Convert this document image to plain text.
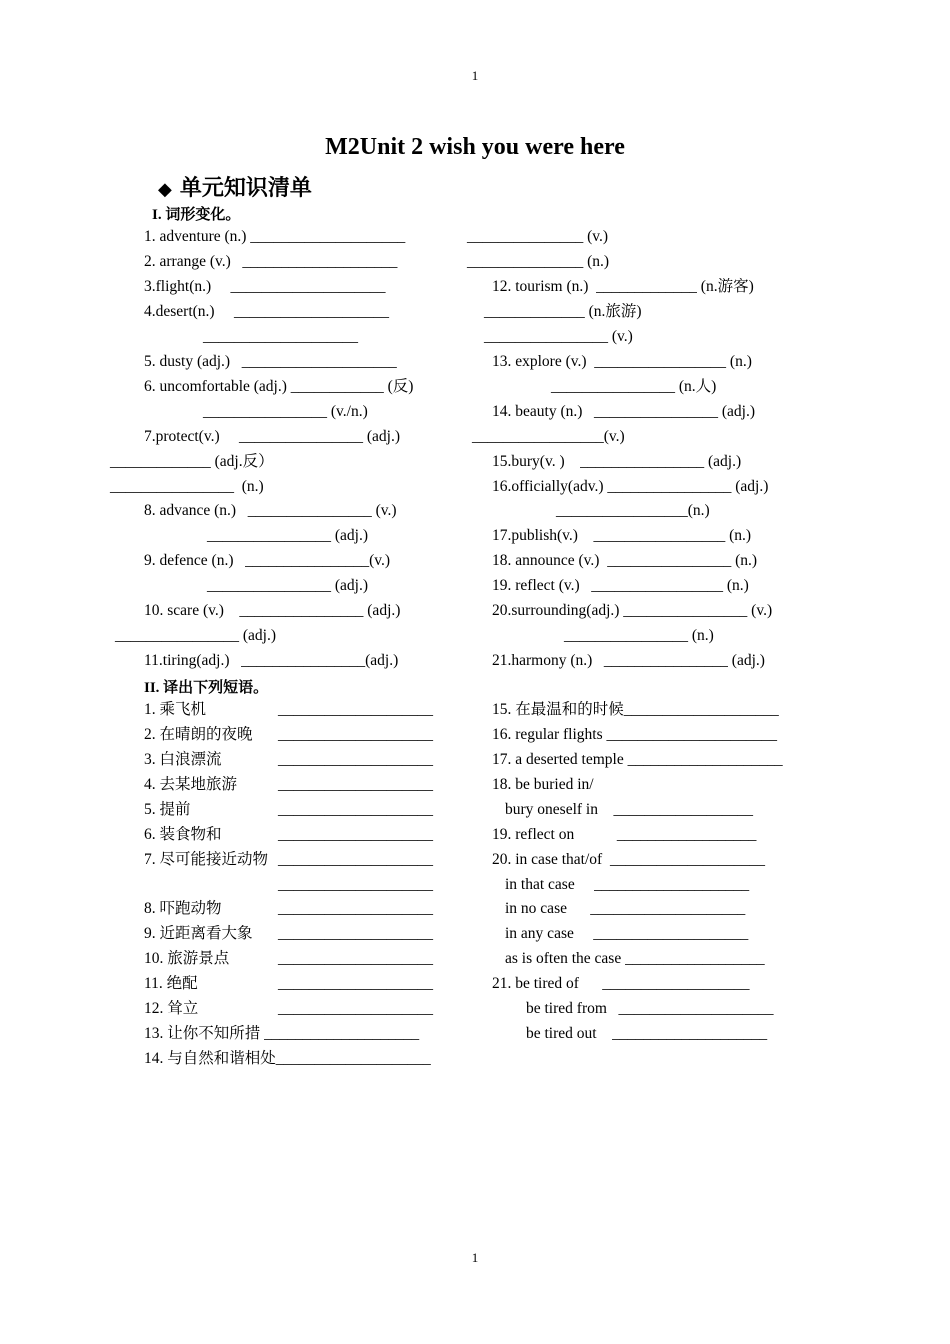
1
M2Unit 2 wish you were here
◆ 单元知识清单
I. 词形变化。
1. adventure (n.) ____________________
2. arrange (v.)   ____________________
3.flight(n.)     ____________________
4.desert(n.)     ____________________
____________________
5. dusty (adj.)   ____________________
6. uncomfortable (adj.) ____________ (反)
________________ (v./n.)
7.protect(v.)     ________________ (adj.)
_____________ (adj.反）
________________  (n.)
8. advance (n.)   ________________ (v.)
________________ (adj.)
9. defence (n.)   ________________(v.)
________________ (adj.)
10. scare (v.)    ________________ (adj.)
________________ (adj.)
11.tiring(adj.)   ________________(adj.)
_______________ (v.)
_______________ (n.)
12. tourism (n.)  _____________ (n.游客)
_____________ (n.旅游)
________________ (v.)
13. explore (v.)  _________________ (n.)
________________ (n.人)
14. beauty (n.)   ________________ (adj.)
_________________(v.)
15.bury(v. )    ________________ (adj.)
16.officially(adv.) ________________ (adj.)
_________________(n.)
17.publish(v.)    _________________ (n.)
18. announce (v.)  ________________ (n.)
19. reflect (v.)   _________________ (n.)
20.surrounding(adj.) ________________ (v.)
________________ (n.)
21.harmony (n.)   ________________ (adj.)
II. 译出下列短语。
1. 乘飞机
2. 在晴朗的夜晚
3. 白浪漂流
4. 去某地旅游
5. 提前
6. 装食物和
7. 尽可能接近动物
8. 吓跑动物
9. 近距离看大象
10. 旅游景点
11. 绝配
12. 耸立
13. 让你不知所措 ____________________
14. 与自然和谐相处____________________
____________________
____________________
____________________
____________________
____________________
____________________
____________________
____________________
____________________
____________________
____________________
____________________
____________________
15. 在最温和的时候____________________
16. regular flights ______________________
17. a deserted temple ____________________
18. be buried in/
bury oneself in    __________________
19. reflect on           __________________
20. in case that/of  ____________________
in that case     ____________________
in no case      ____________________
in any case     ____________________
as is often the case __________________
21. be tired of      ___________________
be tired from   ____________________
be tired out    ____________________
1
